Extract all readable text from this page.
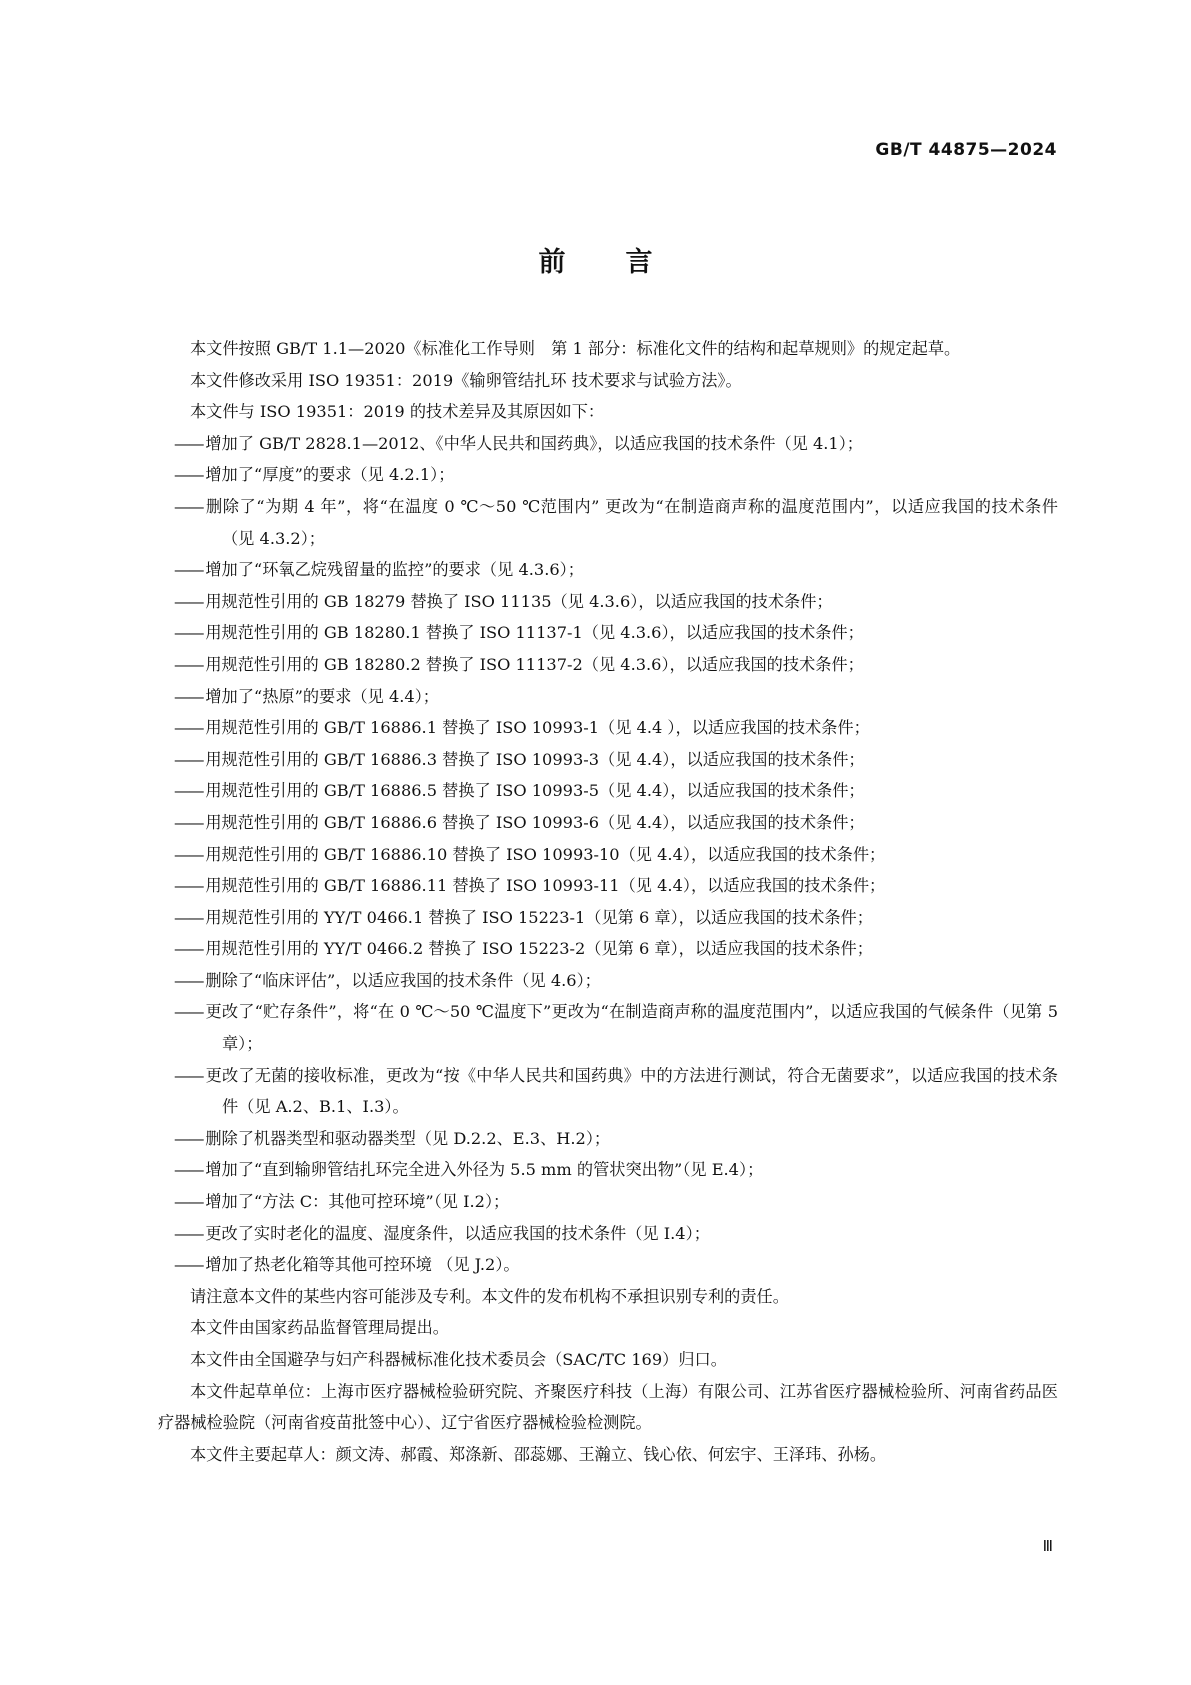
GB/T 44875—2024
前言

本文件按照 GB/T 1.1—2020《标准化工作导则　第 1 部分：标准化文件的结构和起草规则》的规定起草。

本文件修改采用 ISO 19351：2019《输卵管结扎环 技术要求与试验方法》。

本文件与 ISO 19351：2019 的技术差异及其原因如下：

—— 增加了 GB/T 2828.1—2012、《中华人民共和国药典》，以适应我国的技术条件（见 4.1）；

—— 增加了“厚度”的要求（见 4.2.1）；

—— 删除了“为期 4 年”，将“在温度 0 ℃～50 ℃范围内” 更改为“在制造商声称的温度范围内”，以适应我国的技术条件（见 4.3.2）；

—— 增加了“环氧乙烷残留量的监控”的要求（见 4.3.6）；

—— 用规范性引用的 GB 18279 替换了 ISO 11135（见 4.3.6），以适应我国的技术条件；

—— 用规范性引用的 GB 18280.1 替换了 ISO 11137-1（见 4.3.6），以适应我国的技术条件；

—— 用规范性引用的 GB 18280.2 替换了 ISO 11137-2（见 4.3.6），以适应我国的技术条件；

—— 增加了“热原”的要求（见 4.4）；

—— 用规范性引用的 GB/T 16886.1 替换了 ISO 10993-1（见 4.4 ），以适应我国的技术条件；

—— 用规范性引用的 GB/T 16886.3 替换了 ISO 10993-3（见 4.4），以适应我国的技术条件；

—— 用规范性引用的 GB/T 16886.5 替换了 ISO 10993-5（见 4.4），以适应我国的技术条件；

—— 用规范性引用的 GB/T 16886.6 替换了 ISO 10993-6（见 4.4），以适应我国的技术条件；

—— 用规范性引用的 GB/T 16886.10 替换了 ISO 10993-10（见 4.4），以适应我国的技术条件；

—— 用规范性引用的 GB/T 16886.11 替换了 ISO 10993-11（见 4.4），以适应我国的技术条件；

—— 用规范性引用的 YY/T 0466.1 替换了 ISO 15223-1（见第 6 章），以适应我国的技术条件；

—— 用规范性引用的 YY/T 0466.2 替换了 ISO 15223-2（见第 6 章），以适应我国的技术条件；

—— 删除了“临床评估”，以适应我国的技术条件（见 4.6）；

—— 更改了“贮存条件”，将“在 0 ℃～50 ℃温度下”更改为“在制造商声称的温度范围内”，以适应我国的气候条件（见第 5 章）；

—— 更改了无菌的接收标准，更改为“按《中华人民共和国药典》中的方法进行测试，符合无菌要求”，以适应我国的技术条件（见 A.2、B.1、I.3）。

—— 删除了机器类型和驱动器类型（见 D.2.2、E.3、H.2）；

—— 增加了“直到输卵管结扎环完全进入外径为 5.5 mm 的管状突出物”（见 E.4）；

—— 增加了“方法 C：其他可控环境”（见 I.2）；

—— 更改了实时老化的温度、湿度条件，以适应我国的技术条件（见 I.4）；

—— 增加了热老化箱等其他可控环境 （见 J.2）。

请注意本文件的某些内容可能涉及专利。本文件的发布机构不承担识别专利的责任。

本文件由国家药品监督管理局提出。

本文件由全国避孕与妇产科器械标准化技术委员会（SAC/TC 169）归口。

本文件起草单位：上海市医疗器械检验研究院、齐聚医疗科技（上海）有限公司、江苏省医疗器械检验所、河南省药品医疗器械检验院（河南省疫苗批签中心）、辽宁省医疗器械检验检测院。

本文件主要起草人：颜文涛、郝霞、郑涤新、邵蕊娜、王瀚立、钱心依、何宏宇、王泽玮、孙杨。

Ⅲ
